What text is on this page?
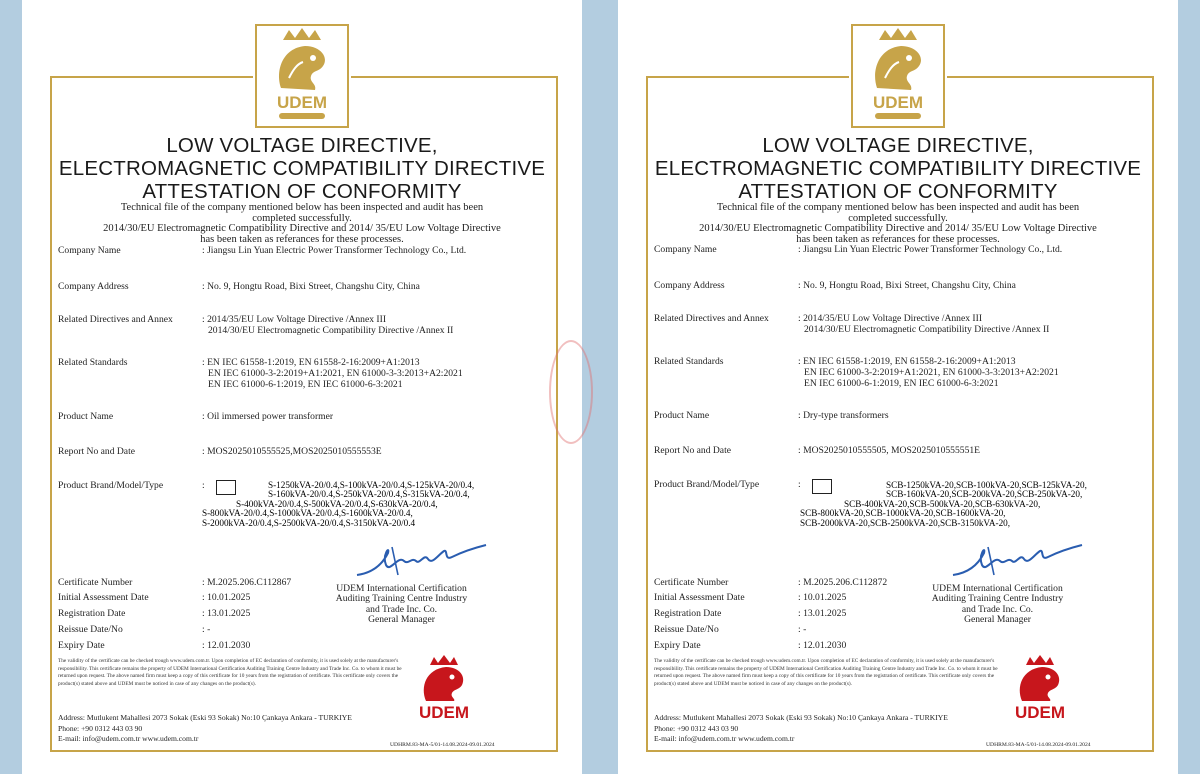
UDEM
LOW VOLTAGE DIRECTIVE,
ELECTROMAGNETIC COMPATIBILITY DIRECTIVE
ATTESTATION OF CONFORMITY
Technical file of the company mentioned below has been inspected and audit has been
completed successfully.
2014/30/EU Electromagnetic Compatibility Directive and 2014/ 35/EU Low Voltage Directive
has been taken as referances for these processes.
Company Name	: Jiangsu Lin Yuan Electric Power Transformer Technology Co., Ltd.
Company Address	: No. 9, Hongtu Road, Bixi Street, Changshu City, China
Related Directives and Annex	: 2014/35/EU Low Voltage Directive /Annex III
2014/30/EU Electromagnetic Compatibility Directive /Annex II
Related Standards	: EN IEC 61558-1:2019, EN 61558-2-16:2009+A1:2013
EN IEC 61000-3-2:2019+A1:2021, EN 61000-3-3:2013+A2:2021
EN IEC 61000-6-1:2019, EN IEC 61000-6-3:2021
Product Name	: Oil immersed power transformer
Report No and Date	: MOS2025010555525,MOS2025010555553E
Product Brand/Model/Type	:	S-1250kVA-20/0.4,S-100kVA-20/0.4,S-125kVA-20/0.4,
S-160kVA-20/0.4,S-250kVA-20/0.4,S-315kVA-20/0.4,
S-400kVA-20/0.4,S-500kVA-20/0.4,S-630kVA-20/0.4,
S-800kVA-20/0.4,S-1000kVA-20/0.4,S-1600kVA-20/0.4,
S-2000kVA-20/0.4,S-2500kVA-20/0.4,S-3150kVA-20/0.4
Certificate Number	: M.2025.206.C112867
Initial Assessment Date	: 10.01.2025
Registration Date	: 13.01.2025
Reissue Date/No	: -
Expiry Date	: 12.01.2030
UDEM International Certification
Auditing Training Centre Industry
and Trade Inc. Co.
General Manager
The validity of the certificate can be checked trough www.udem.com.tr. Upon completion of EC declaration of conformity, it is used solely at the manufacturer's responsibility. This certificate remains the property of UDEM International Certification Auditing Training Centre Industry and Trade Inc. Co. to whom it must be returned upon request. The above named firm must keep a copy of this certificate for 10 years from the registration of certificate. This certificate only covers the product(s) stated above and UDEM must be noticed in case of any changes on the product(s).
UDEM
Address: Mutlukent Mahallesi 2073 Sokak (Eski 93 Sokak) No:10 Çankaya Ankara - TURKIYE
Phone: +90 0312 443 03 90
E-mail: info@udem.com.tr www.udem.com.tr
UDHRM.83-MA-5/01-14.08.2024-09.01.2024
UDEM
LOW VOLTAGE DIRECTIVE,
ELECTROMAGNETIC COMPATIBILITY DIRECTIVE
ATTESTATION OF CONFORMITY
Technical file of the company mentioned below has been inspected and audit has been
completed successfully.
2014/30/EU Electromagnetic Compatibility Directive and 2014/ 35/EU Low Voltage Directive
has been taken as referances for these processes.
Company Name	: Jiangsu Lin Yuan Electric Power Transformer Technology Co., Ltd.
Company Address	: No. 9, Hongtu Road, Bixi Street, Changshu City, China
Related Directives and Annex	: 2014/35/EU Low Voltage Directive /Annex III
2014/30/EU Electromagnetic Compatibility Directive /Annex II
Related Standards	: EN IEC 61558-1:2019, EN 61558-2-16:2009+A1:2013
EN IEC 61000-3-2:2019+A1:2021, EN 61000-3-3:2013+A2:2021
EN IEC 61000-6-1:2019, EN IEC 61000-6-3:2021
Product Name	: Dry-type transformers
Report No and Date	: MOS2025010555505, MOS2025010555551E
Product Brand/Model/Type	:	SCB-1250kVA-20,SCB-100kVA-20,SCB-125kVA-20,
SCB-160kVA-20,SCB-200kVA-20,SCB-250kVA-20,
SCB-400kVA-20,SCB-500kVA-20,SCB-630kVA-20,
SCB-800kVA-20,SCB-1000kVA-20,SCB-1600kVA-20,
SCB-2000kVA-20,SCB-2500kVA-20,SCB-3150kVA-20,
Certificate Number	: M.2025.206.C112872
Initial Assessment Date	: 10.01.2025
Registration Date	: 13.01.2025
Reissue Date/No	: -
Expiry Date	: 12.01.2030
UDEM International Certification
Auditing Training Centre Industry
and Trade Inc. Co.
General Manager
The validity of the certificate can be checked trough www.udem.com.tr. Upon completion of EC declaration of conformity, it is used solely at the manufacturer's responsibility. This certificate remains the property of UDEM International Certification Auditing Training Centre Industry and Trade Inc. Co. to whom it must be returned upon request. The above named firm must keep a copy of this certificate for 10 years from the registration of certificate. This certificate only covers the product(s) stated above and UDEM must be noticed in case of any changes on the product(s).
UDEM
Address: Mutlukent Mahallesi 2073 Sokak (Eski 93 Sokak) No:10 Çankaya Ankara - TURKIYE
Phone: +90 0312 443 03 90
E-mail: info@udem.com.tr www.udem.com.tr
UDHRM.83-MA-5/01-14.08.2024-09.01.2024
